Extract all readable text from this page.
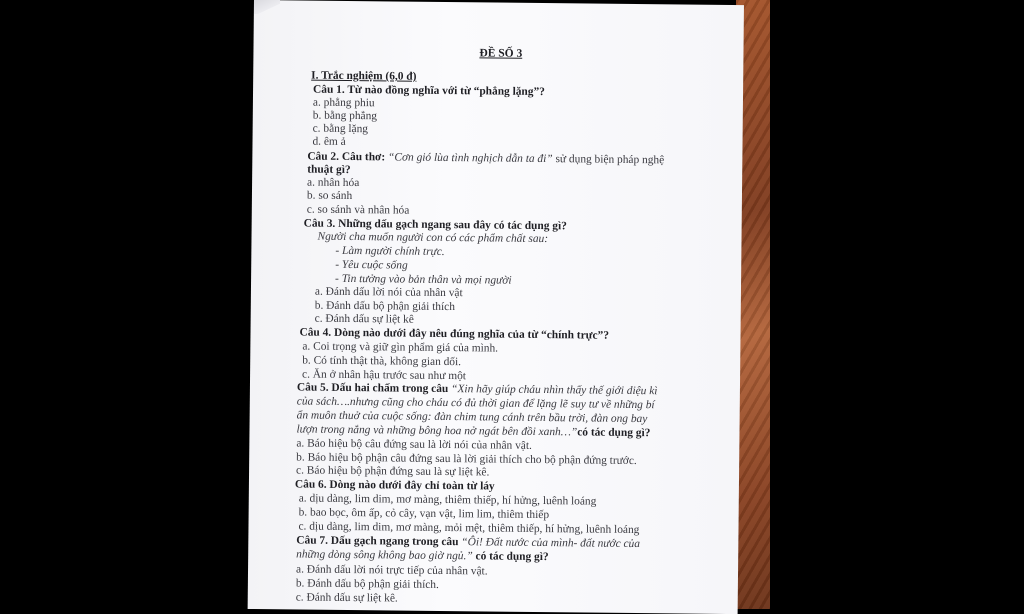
ĐỀ SỐ 3
I. Trắc nghiệm (6,0 đ)
Câu 1. Từ nào đồng nghĩa với từ “phẳng lặng”?
a. phẳng phiu
b. bằng phẳng
c. bằng lặng
d. êm ả
Câu 2. Câu thơ: “Cơn gió lùa tình nghịch dẫn ta đi” sử dụng biện pháp nghệ
thuật gì?
a. nhân hóa
b. so sánh
c. so sánh và nhân hóa
Câu 3. Những dấu gạch ngang sau đây có tác dụng gì?
Người cha muốn người con có các phẩm chất sau:
- Làm người chính trực.
- Yêu cuộc sống
- Tin tưởng vào bản thân và mọi người
a. Đánh dấu lời nói của nhân vật
b. Đánh dấu bộ phận giải thích
c. Đánh dấu sự liệt kê
Câu 4. Dòng nào dưới đây nêu đúng nghĩa của từ “chính trực”?
a. Coi trọng và giữ gìn phẩm giá của mình.
b. Có tính thật thà, không gian dối.
c. Ăn ở nhân hậu trước sau như một
Câu 5. Dấu hai chấm trong câu “Xin hãy giúp cháu nhìn thấy thế giới diệu kì
của sách….nhưng cũng cho cháu có đủ thời gian để lặng lẽ suy tư về những bí
ẩn muôn thuở của cuộc sống: đàn chim tung cánh trên bầu trời, đàn ong bay
lượn trong nắng và những bông hoa nở ngát bên đồi xanh…”có tác dụng gì?
a. Báo hiệu bộ câu đứng sau là lời nói của nhân vật.
b. Báo hiệu bộ phận câu đứng sau là lời giải thích cho bộ phận đứng trước.
c. Báo hiệu bộ phận đứng sau là sự liệt kê.
Câu 6. Dòng nào dưới đây chỉ toàn từ láy
a. dịu dàng, lim dim, mơ màng, thiêm thiếp, hí hửng, luênh loáng
b. bao bọc, ôm ấp, cỏ cây, vạn vật, lim lim, thiêm thiếp
c. dịu dàng, lim dim, mơ màng, mỏi mệt, thiêm thiếp, hí hửng, luênh loáng
Câu 7. Dấu gạch ngang trong câu “Ôi! Đất nước của mình- đất nước của
những dòng sông không bao giờ ngủ.” có tác dụng gì?
a. Đánh dấu lời nói trực tiếp của nhân vật.
b. Đánh dấu bộ phận giải thích.
c. Đánh dấu sự liệt kê.
